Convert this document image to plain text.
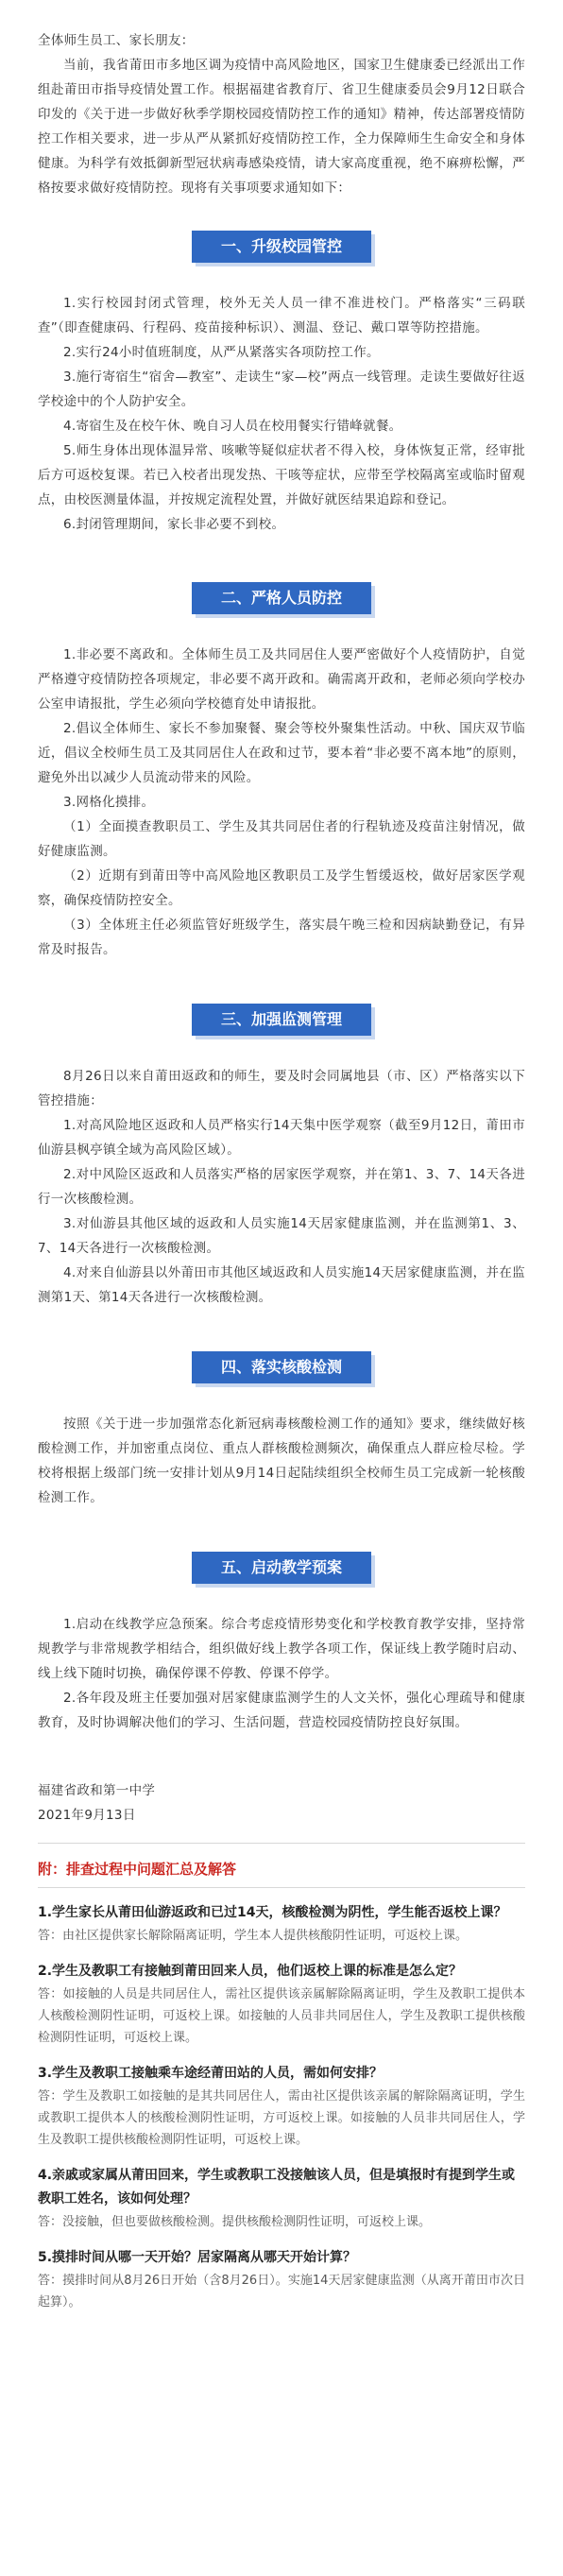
全体师生员工、家长朋友：

当前，我省莆田市多地区调为疫情中高风险地区，国家卫生健康委已经派出工作组赴莆田市指导疫情处置工作。根据福建省教育厅、省卫生健康委员会9月12日联合印发的《关于进一步做好秋季学期校园疫情防控工作的通知》精神，传达部署疫情防控工作相关要求，进一步从严从紧抓好疫情防控工作，全力保障师生生命安全和身体健康。为科学有效抵御新型冠状病毒感染疫情，请大家高度重视，绝不麻痹松懈，严格按要求做好疫情防控。现将有关事项要求通知如下：

一、升级校园管控

1.实行校园封闭式管理，校外无关人员一律不准进校门。严格落实“三码联查”（即查健康码、行程码、疫苗接种标识）、测温、登记、戴口罩等防控措施。

2.实行24小时值班制度，从严从紧落实各项防控工作。

3.施行寄宿生“宿舍—教室”、走读生“家—校”两点一线管理。走读生要做好往返学校途中的个人防护安全。

4.寄宿生及在校午休、晚自习人员在校用餐实行错峰就餐。

5.师生身体出现体温异常、咳嗽等疑似症状者不得入校，身体恢复正常，经审批后方可返校复课。若已入校者出现发热、干咳等症状，应带至学校隔离室或临时留观点，由校医测量体温，并按规定流程处置，并做好就医结果追踪和登记。

6.封闭管理期间，家长非必要不到校。

二、严格人员防控

1.非必要不离政和。全体师生员工及共同居住人要严密做好个人疫情防护，自觉严格遵守疫情防控各项规定，非必要不离开政和。确需离开政和，老师必须向学校办公室申请报批，学生必须向学校德育处申请报批。

2.倡议全体师生、家长不参加聚餐、聚会等校外聚集性活动。中秋、国庆双节临近，倡议全校师生员工及其同居住人在政和过节，要本着“非必要不离本地”的原则，避免外出以减少人员流动带来的风险。

3.网格化摸排。

（1）全面摸查教职员工、学生及其共同居住者的行程轨迹及疫苗注射情况，做好健康监测。

（2）近期有到莆田等中高风险地区教职员工及学生暂缓返校，做好居家医学观察，确保疫情防控安全。

（3）全体班主任必须监管好班级学生，落实晨午晚三检和因病缺勤登记，有异常及时报告。

三、加强监测管理

8月26日以来自莆田返政和的师生，要及时会同属地县（市、区）严格落实以下管控措施：

1.对高风险地区返政和人员严格实行14天集中医学观察（截至9月12日，莆田市仙游县枫亭镇全域为高风险区域）。

2.对中风险区返政和人员落实严格的居家医学观察，并在第1、3、7、14天各进行一次核酸检测。

3.对仙游县其他区域的返政和人员实施14天居家健康监测，并在监测第1、3、7、14天各进行一次核酸检测。

4.对来自仙游县以外莆田市其他区域返政和人员实施14天居家健康监测，并在监测第1天、第14天各进行一次核酸检测。

四、落实核酸检测

按照《关于进一步加强常态化新冠病毒核酸检测工作的通知》要求，继续做好核酸检测工作，并加密重点岗位、重点人群核酸检测频次，确保重点人群应检尽检。学校将根据上级部门统一安排计划从9月14日起陆续组织全校师生员工完成新一轮核酸检测工作。

五、启动教学预案

1.启动在线教学应急预案。综合考虑疫情形势变化和学校教育教学安排，坚持常规教学与非常规教学相结合，组织做好线上教学各项工作，保证线上教学随时启动、线上线下随时切换，确保停课不停教、停课不停学。

2.各年段及班主任要加强对居家健康监测学生的人文关怀，强化心理疏导和健康教育，及时协调解决他们的学习、生活问题，营造校园疫情防控良好氛围。

福建省政和第一中学

2021年9月13日

附：排查过程中问题汇总及解答

1.学生家长从莆田仙游返政和已过14天，核酸检测为阴性，学生能否返校上课？

答：由社区提供家长解除隔离证明，学生本人提供核酸阴性证明，可返校上课。

2.学生及教职工有接触到莆田回来人员，他们返校上课的标准是怎么定？

答：如接触的人员是共同居住人，需社区提供该亲属解除隔离证明，学生及教职工提供本人核酸检测阴性证明，可返校上课。如接触的人员非共同居住人，学生及教职工提供核酸检测阴性证明，可返校上课。

3.学生及教职工接触乘车途经莆田站的人员，需如何安排？

答：学生及教职工如接触的是其共同居住人，需由社区提供该亲属的解除隔离证明，学生或教职工提供本人的核酸检测阴性证明，方可返校上课。如接触的人员非共同居住人，学生及教职工提供核酸检测阴性证明，可返校上课。

4.亲戚或家属从莆田回来，学生或教职工没接触该人员，但是填报时有提到学生或教职工姓名，该如何处理？

答：没接触，但也要做核酸检测。提供核酸检测阴性证明，可返校上课。

5.摸排时间从哪一天开始？居家隔离从哪天开始计算？

答：摸排时间从8月26日开始（含8月26日）。实施14天居家健康监测（从离开莆田市次日起算）。
